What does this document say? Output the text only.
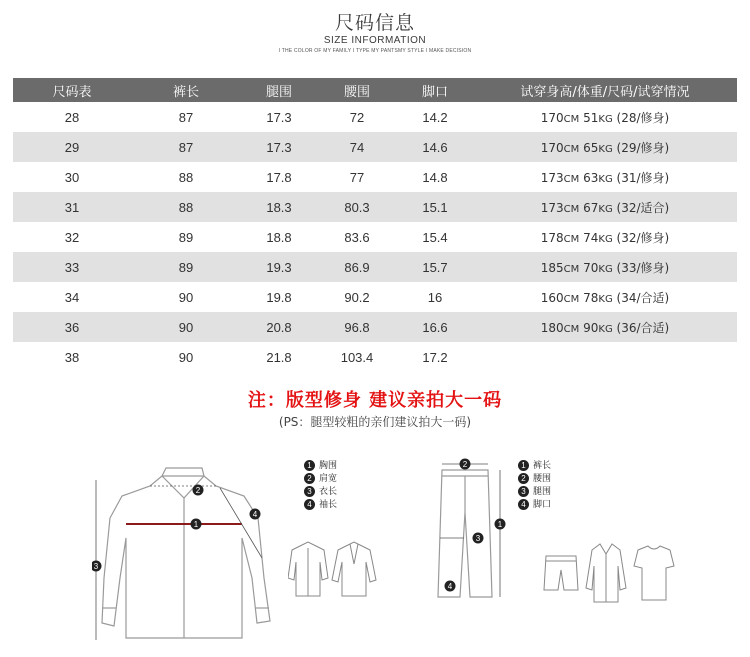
尺码信息
SIZE INFORMATION
I THE COLOR OF MY FAMILY I TYPE MY PANTSMY STYLE I MAKE DECISION
尺码表	裤长	腿围	腰围	脚口	试穿身高/体重/尺码/试穿情况
28	87	17.3	72	14.2	170CM 51KG (28/修身)
29	87	17.3	74	14.6	170CM 65KG (29/修身)
30	88	17.8	77	14.8	173CM 63KG (31/修身)
31	88	18.3	80.3	15.1	173CM 67KG (32/适合)
32	89	18.8	83.6	15.4	178CM 74KG (32/修身)
33	89	19.3	86.9	15.7	185CM 70KG (33/修身)
34	90	19.8	90.2	16	160CM 78KG (34/合适)
36	90	20.8	96.8	16.6	180CM 90KG (36/合适)
38	90	21.8	103.4	17.2	
注：版型修身 建议亲拍大一码
(PS：腿型较粗的亲们建议拍大一码)
1
2
3
4
1 胸围
2 肩宽
3 衣长
4 袖长
2
1
3
4
1 裤长
2 腰围
3 腿围
4 脚口
